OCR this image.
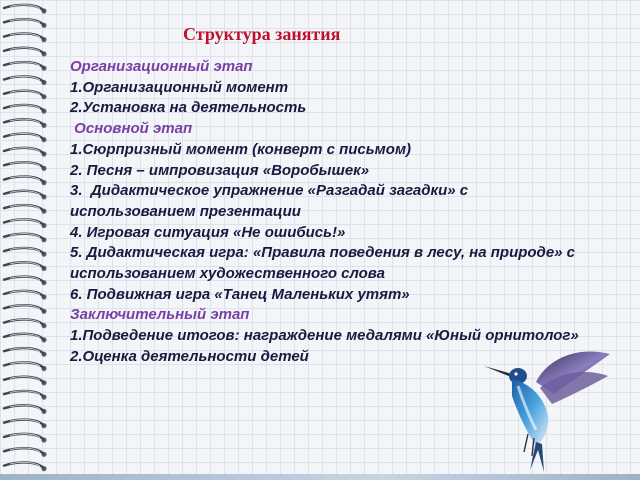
Структура занятия
Организационный этап
1.Организационный момент
2.Установка на деятельность
Основной этап
1.Сюрпризный момент (конверт с письмом)
2. Песня – импровизация «Воробышек»
3.  Дидактическое упражнение «Разгадай загадки» с использованием презентации
4. Игровая ситуация «Не ошибись!»
5. Дидактическая игра: «Правила поведения в лесу, на природе» с использованием художественного слова
6. Подвижная игра «Танец Маленьких утят»
Заключительный этап
1.Подведение итогов: награждение медалями «Юный орнитолог»
2.Оценка деятельности детей
